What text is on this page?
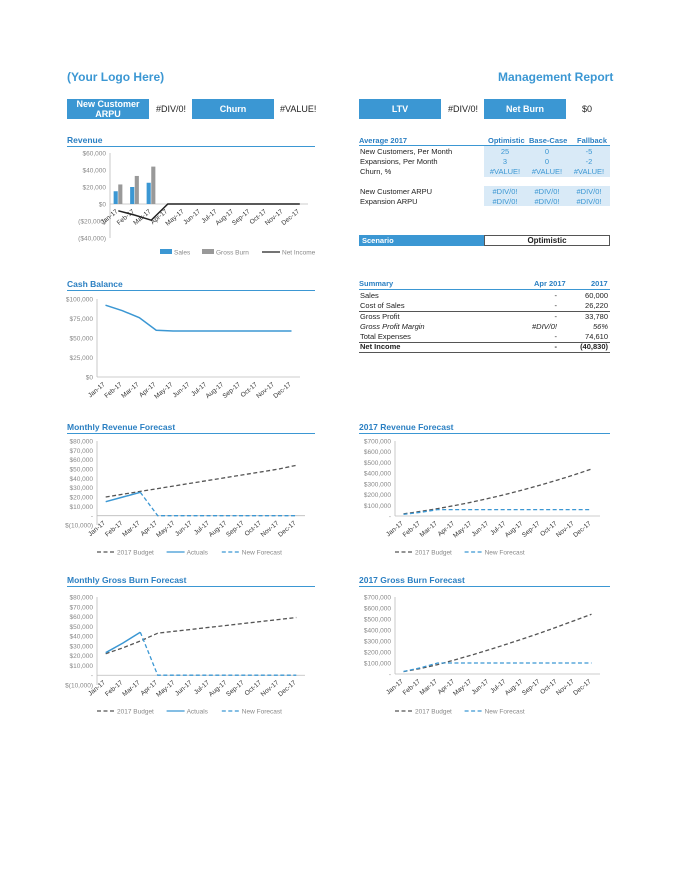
(Your Logo Here)	Management Report
New Customer ARPU	#DIV/0!	Churn	#VALUE!	LTV	#DIV/0!	Net Burn	$0
Revenue
Cash Balance
Monthly Revenue Forecast	2017 Revenue Forecast
Monthly Gross Burn Forecast	2017 Gross Burn Forecast
Average 2017	Optimistic Base-Case Fallback
New Customers, Per Month	25	0	-5
Expansions, Per Month	3	0	-2
Churn, %	#VALUE!	#VALUE!	#VALUE!
New Customer ARPU	#DIV/0!	#DIV/0!	#DIV/0!
Expansion ARPU	#DIV/0!	#DIV/0!	#DIV/0!
Scenario	Optimistic
Summary	Apr 2017	2017
Sales	-	60,000
Cost of Sales	-	26,220
Gross Profit	-	33,780
Gross Profit Margin	#DIV/0!	56%
Total Expenses	-	74,610
Net Income	-	(40,830)
$60,000
$40,000
$20,000
$0
($20,000)
($40,000)
Jan-17
Feb-17
Mar-17
Apr-17
May-17
Jun-17
Jul-17
Aug-17
Sep-17
Oct-17
Nov-17
Dec-17
Sales	Gross Burn	Net Income
$100,000
$75,000
$50,000
$25,000
$0
Jan-17
Feb-17
Mar-17
Apr-17
May-17
Jun-17
Jul-17
Aug-17
Sep-17
Oct-17
Nov-17
Dec-17
$80,000
$70,000
$60,000
$50,000
$40,000
$30,000
$20,000
$10,000
-
$(10,000)
Jan-17
Feb-17
Mar-17
Apr-17
May-17
Jun-17 Jul-17
Aug-17
Sep-17
Oct-17
Nov-17
Dec-17
2017 Budget	Actuals	New Forecast
$700,000
$600,000
$500,000
$400,000
$300,000
$200,000
$100,000
-
Jan-17
Feb-17
Mar-17
Apr-17
May-17
Jun-17 Jul-17
Aug-17
Sep-17
Oct-17
Nov-17
Dec-17
2017 Budget	New Forecast
$80,000
$70,000
$60,000
$50,000
$40,000
$30,000
$20,000
$10,000
-
$(10,000)
Jan-17
Feb-17
Mar-17
Apr-17
May-17
Jun-17 Jul-17
Aug-17
Sep-17
Oct-17
Nov-17
Dec-17
2017 Budget	Actuals	New Forecast
$700,000
$600,000
$500,000
$400,000
$300,000
$200,000
$100,000
-
Jan-17
Feb-17
Mar-17
Apr-17
May-17
Jun-17 Jul-17
Aug-17
Sep-17
Oct-17
Nov-17
Dec-17
2017 Budget	New Forecast
